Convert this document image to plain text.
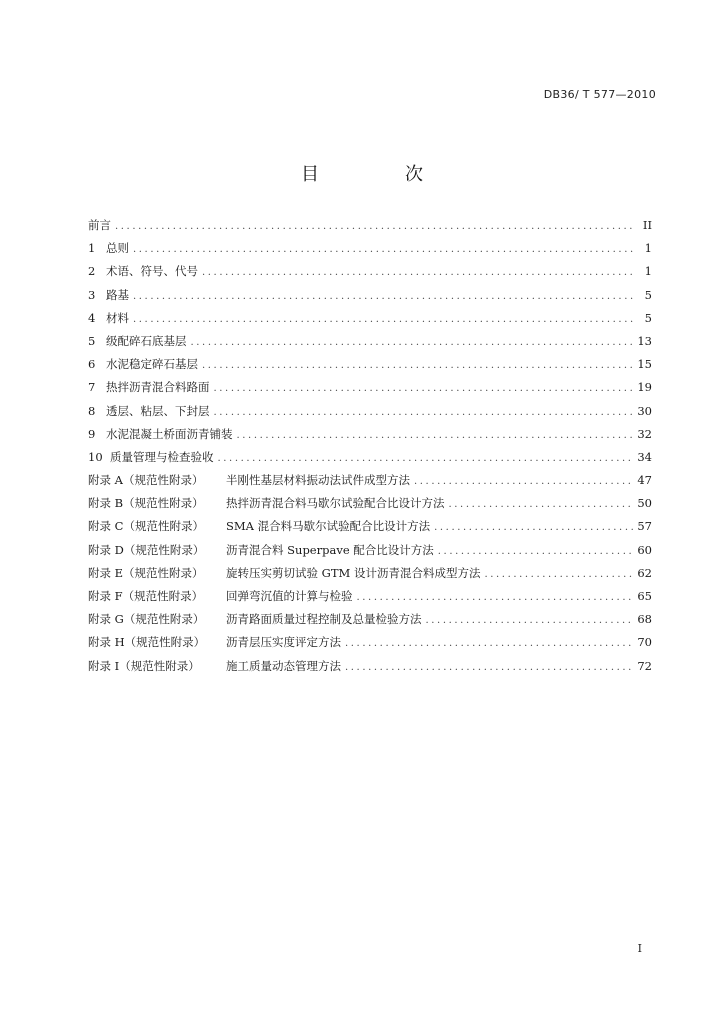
DB36/ T 577—2010
目　次
前言 .....	II
1 总则 .....	1
2 术语、符号、代号 .....	1
3 路基 .....	5
4 材料 .....	5
5 级配碎石底基层 .....	13
6 水泥稳定碎石基层 .....	15
7 热拌沥青混合料路面 .....	19
8 透层、粘层、下封层 .....	30
9 水泥混凝土桥面沥青铺装 .....	32
10 质量管理与检查验收 .....	34
附录 A（规范性附录） 半刚性基层材料振动法试件成型方法 .....	47
附录 B（规范性附录） 热拌沥青混合料马歇尔试验配合比设计方法 .....	50
附录 C（规范性附录） SMA 混合料马歇尔试验配合比设计方法 .....	57
附录 D（规范性附录） 沥青混合料 Superpave 配合比设计方法 .....	60
附录 E（规范性附录） 旋转压实剪切试验 GTM 设计沥青混合料成型方法 .....	62
附录 F（规范性附录） 回弹弯沉值的计算与检验 .....	65
附录 G（规范性附录） 沥青路面质量过程控制及总量检验方法 .....	68
附录 H（规范性附录） 沥青层压实度评定方法 .....	70
附录 I（规范性附录） 施工质量动态管理方法 .....	72
I
